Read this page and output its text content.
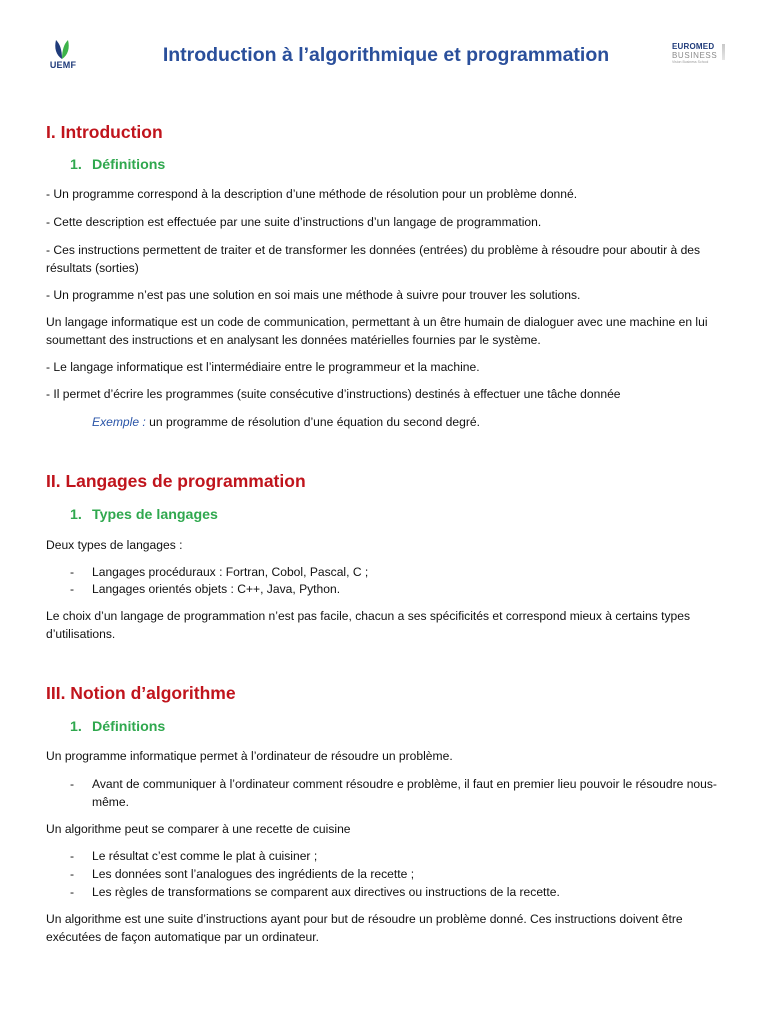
UEMF	Introduction à l’algorithmique et programmation	EUROMED
BUSINESS
Vision Business School
I. Introduction
1. Définitions

- Un programme correspond à la description d’une méthode de résolution pour un problème donné.

- Cette description est effectuée par une suite d’instructions d’un langage de programmation.

- Ces instructions permettent de traiter et de transformer les données (entrées) du problème à résoudre pour aboutir à des résultats (sorties)

- Un programme n’est pas une solution en soi mais une méthode à suivre pour trouver les solutions.

Un langage informatique est un code de communication, permettant à un être humain de dialoguer avec une machine en lui soumettant des instructions et en analysant les données matérielles fournies par le système.

- Le langage informatique est l’intermédiaire entre le programmeur et la machine.

- Il permet d’écrire les programmes (suite consécutive d’instructions) destinés à effectuer une tâche donnée

Exemple : un programme de résolution d’une équation du second degré.

II. Langages de programmation
1. Types de langages

Deux types de langages :

- Langages procéduraux : Fortran, Cobol, Pascal, C ;
- Langages orientés objets : C++, Java, Python.

Le choix d’un langage de programmation n’est pas facile, chacun a ses spécificités et correspond mieux à certains types d’utilisations.

III. Notion d’algorithme
1. Définitions

Un programme informatique permet à l’ordinateur de résoudre un problème.

- Avant de communiquer à l’ordinateur comment résoudre e problème, il faut en premier lieu pouvoir le résoudre nous-même.

Un algorithme peut se comparer à une recette de cuisine

- Le résultat c’est comme le plat à cuisiner ;
- Les données sont l’analogues des ingrédients de la recette ;
- Les règles de transformations se comparent aux directives ou instructions de la recette.

Un algorithme est une suite d’instructions ayant pour but de résoudre un problème donné. Ces instructions doivent être exécutées de façon automatique par un ordinateur.
